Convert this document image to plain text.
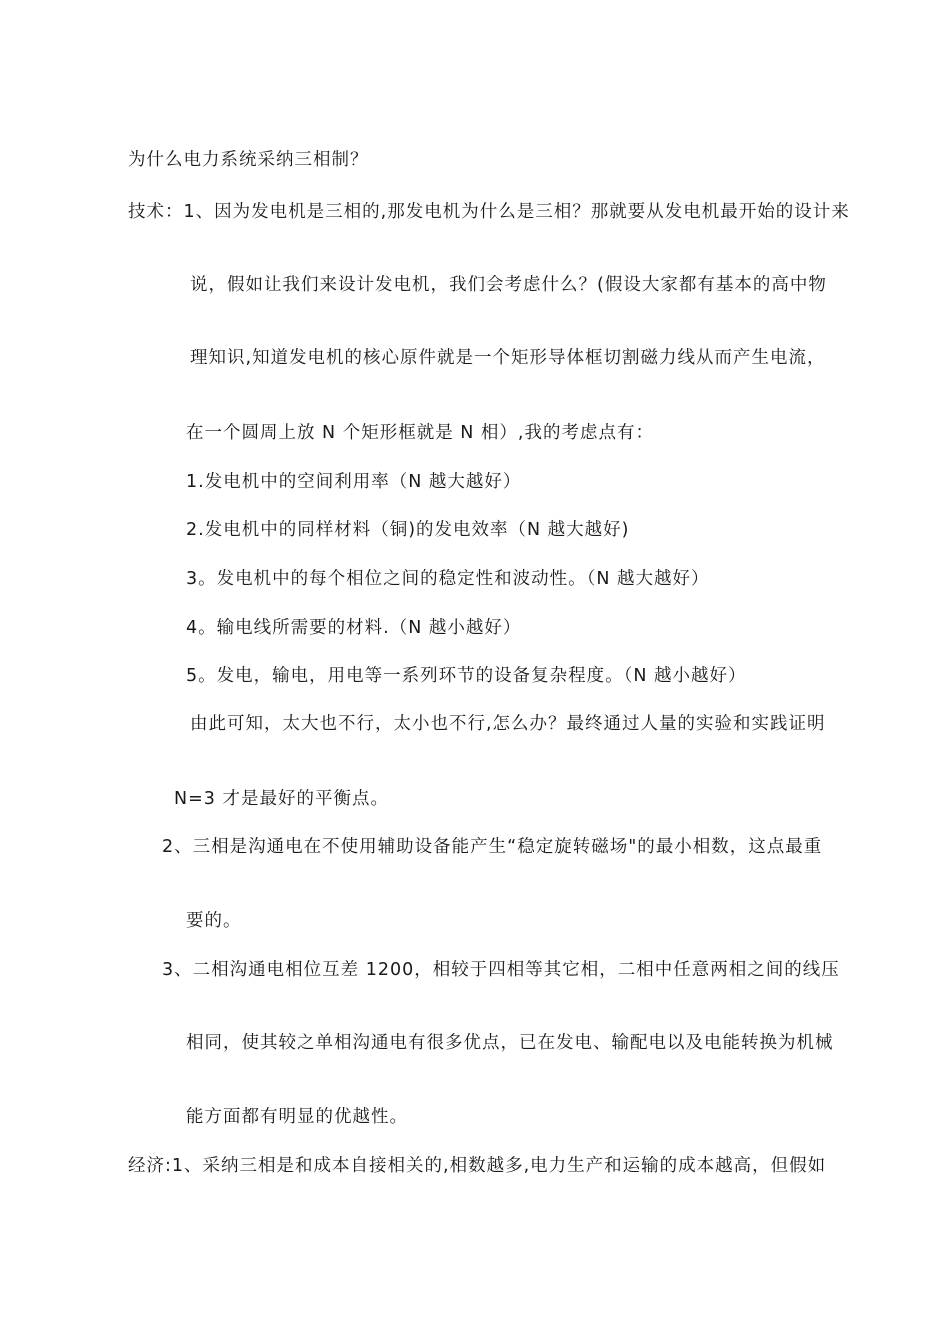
为什么电力系统采纳三相制？
技术：1、因为发电机是三相的,那发电机为什么是三相？那就要从发电机最开始的设计来
说，假如让我们来设计发电机，我们会考虑什么？(假设大家都有基本的高中物
理知识,知道发电机的核心原件就是一个矩形导体框切割磁力线从而产生电流，
在一个圆周上放 N 个矩形框就是 N 相）,我的考虑点有：
1.发电机中的空间利用率（N 越大越好）
2.发电机中的同样材料（铜)的发电效率（N 越大越好)
3。发电机中的每个相位之间的稳定性和波动性。（N 越大越好）
4。输电线所需要的材料.（N 越小越好）
5。发电，输电，用电等一系列环节的设备复杂程度。（N 越小越好）
由此可知，太大也不行，太小也不行,怎么办？最终通过人量的实验和实践证明
N=3 才是最好的平衡点。
2、三相是沟通电在不使用辅助设备能产生“稳定旋转磁场"的最小相数，这点最重
要的。
3、二相沟通电相位互差 1200，相较于四相等其它相，二相中任意两相之间的线压
相同，使其较之单相沟通电有很多优点，已在发电、输配电以及电能转换为机械
能方面都有明显的优越性。
经济:1、采纳三相是和成本自接相关的,相数越多,电力生产和运输的成本越高，但假如
